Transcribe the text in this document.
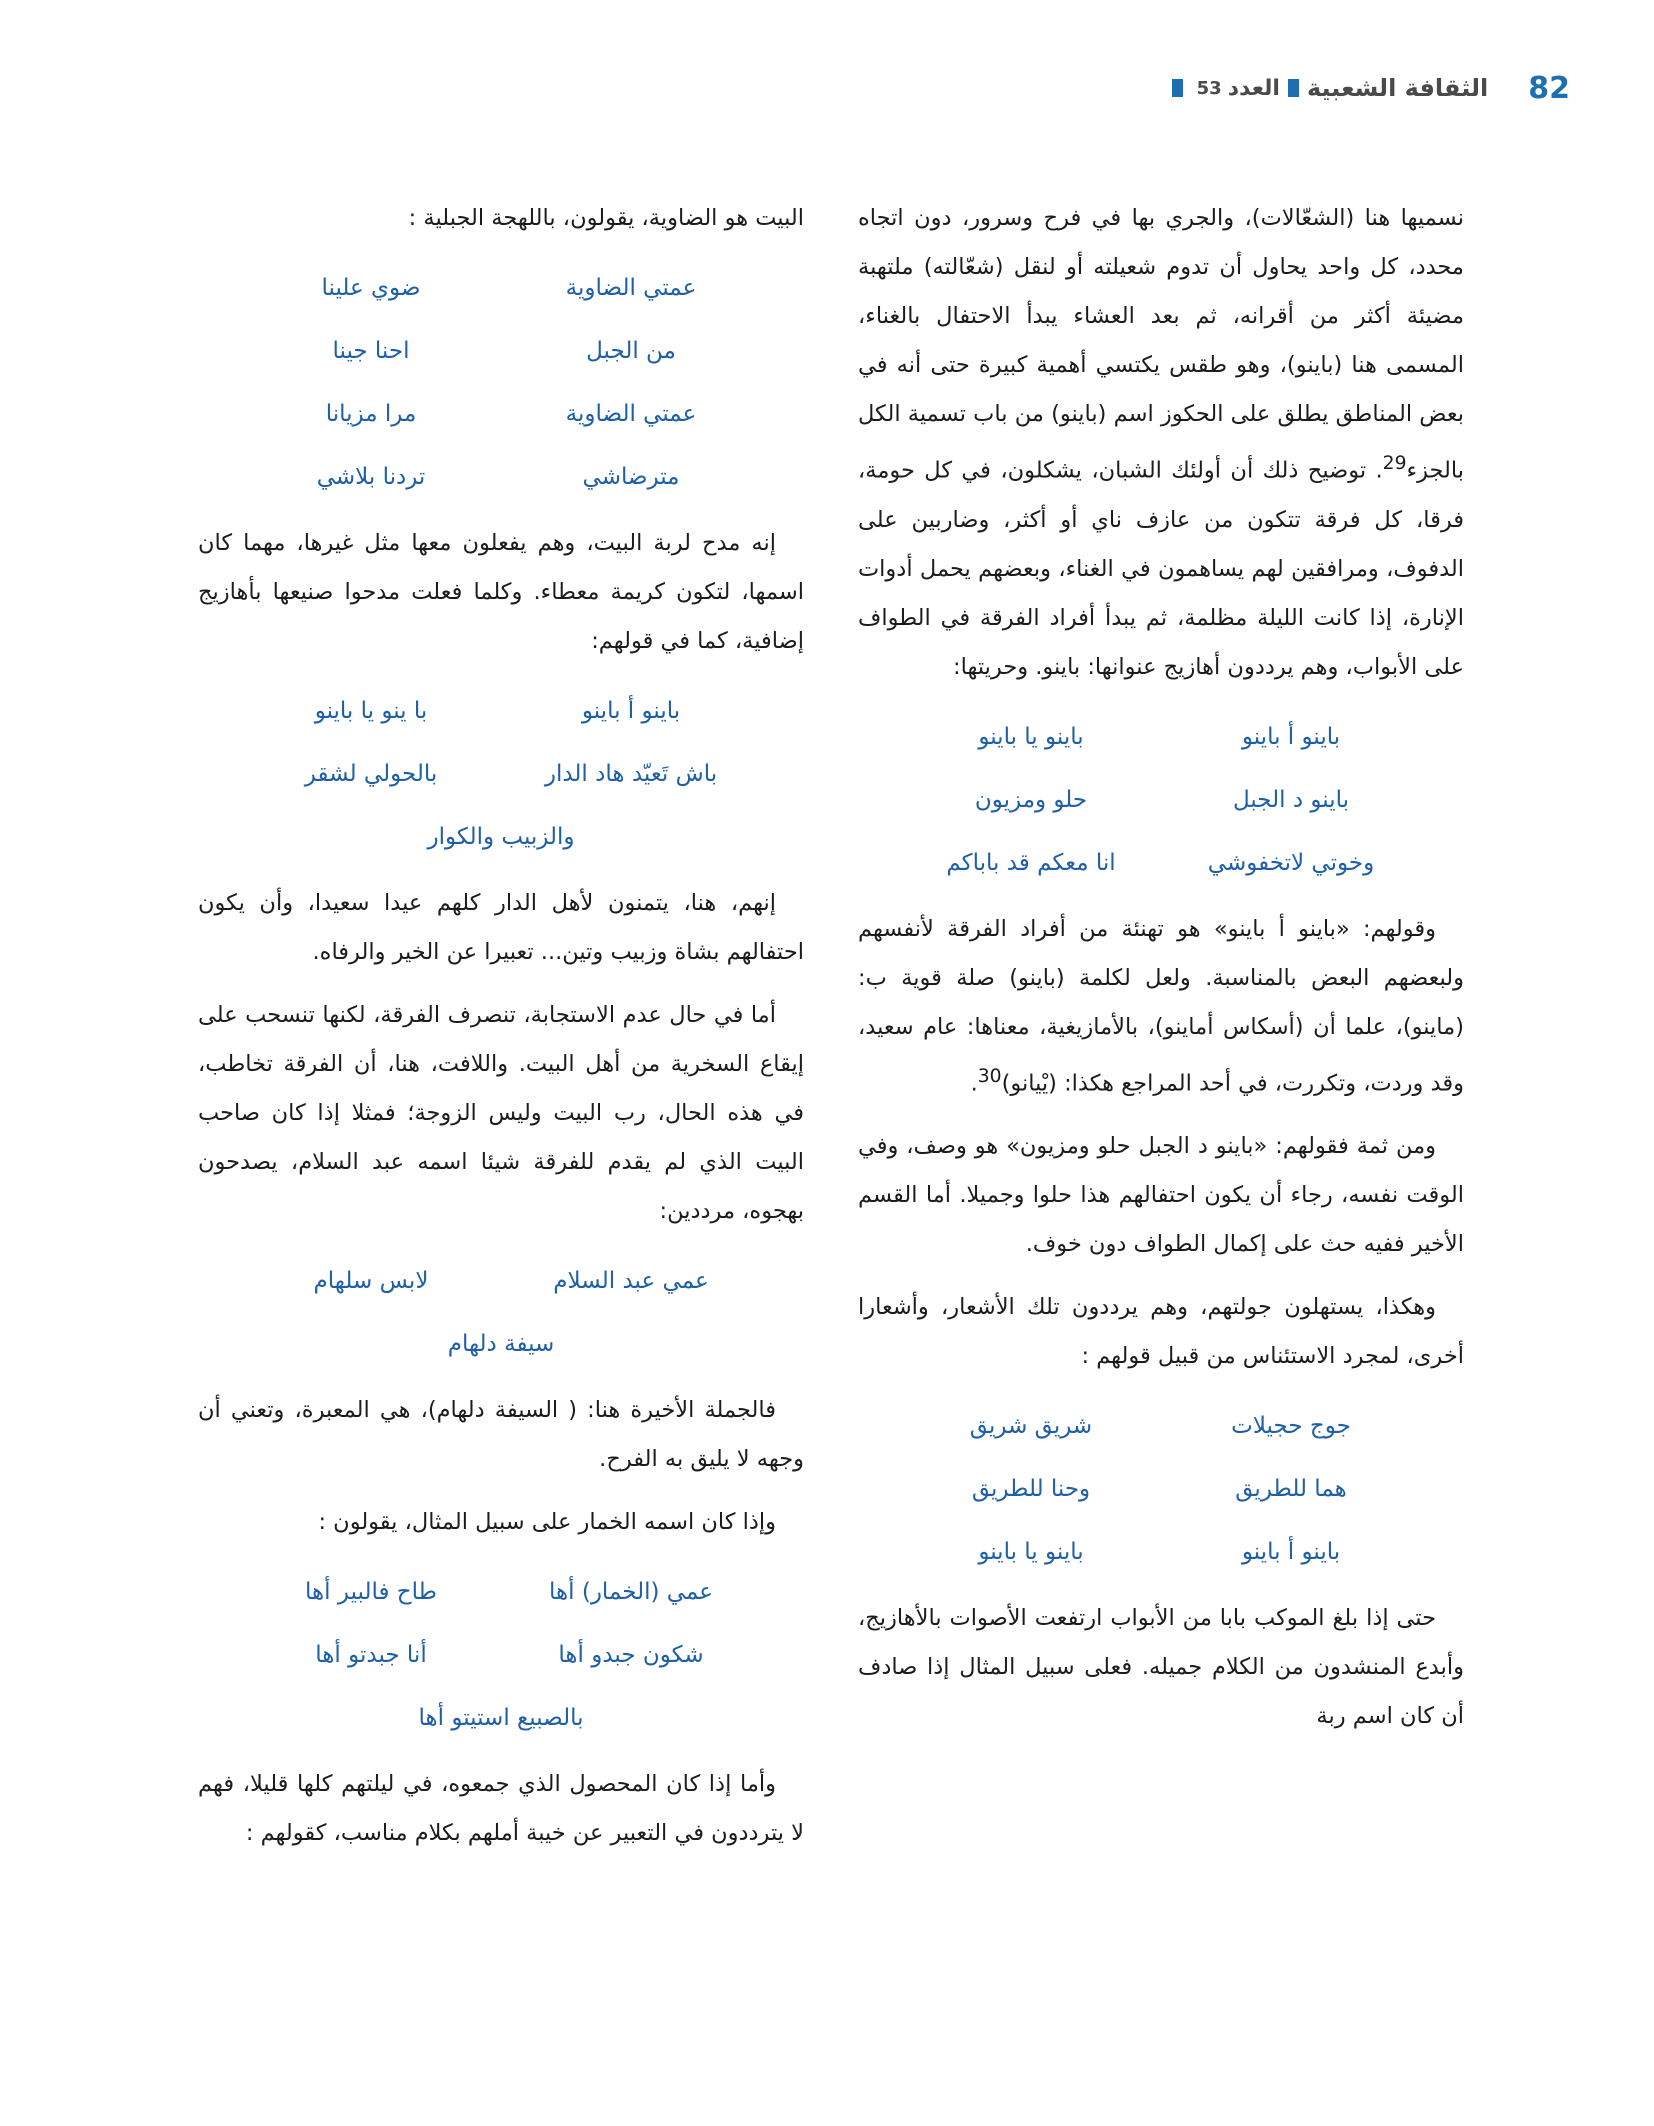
82
الثقافة الشعبية
العدد
53

نسميها هنا (الشعّالات)، والجري بها في فرح وسرور، دون اتجاه محدد، كل واحد يحاول أن تدوم شعيلته أو لنقل (شعّالته) ملتهبة مضيئة أكثر من أقرانه، ثم بعد العشاء يبدأ الاحتفال بالغناء، المسمى هنا (باينو)، وهو طقس يكتسي أهمية كبيرة حتى أنه في بعض المناطق يطلق على الحكوز اسم (باينو) من باب تسمية الكل بالجزء$^{29}$. توضيح ذلك أن أولئك الشبان، يشكلون، في كل حومة، فرقا، كل فرقة تتكون من عازف ناي أو أكثر، وضاربين على الدفوف، ومرافقين لهم يساهمون في الغناء، وبعضهم يحمل أدوات الإنارة، إذا كانت الليلة مظلمة، ثم يبدأ أفراد الفرقة في الطواف على الأبواب، وهم يرددون أهازيج عنوانها: باينو. وحريتها:

باينو أ باينو
باينو يا باينو
باينو د الجبل
حلو ومزيون
وخوتي لاتخفوشي
انا معكم قد باباكم

وقولهم: «باينو أ باينو» هو تهنئة من أفراد الفرقة لأنفسهم ولبعضهم البعض بالمناسبة. ولعل لكلمة (باينو) صلة قوية ب: (ماينو)، علما أن (أسكاس أماينو)، بالأمازيغية، معناها: عام سعيد، وقد وردت، وتكررت، في أحد المراجع هكذا: (يْيانو)$^{30}$.

ومن ثمة فقولهم: «باينو د الجبل حلو ومزيون» هو وصف، وفي الوقت نفسه، رجاء أن يكون احتفالهم هذا حلوا وجميلا. أما القسم الأخير ففيه حث على إكمال الطواف دون خوف.

وهكذا، يستهلون جولتهم، وهم يرددون تلك الأشعار، وأشعارا أخرى، لمجرد الاستئناس من قبيل قولهم :

جوج حجيلات
شريق شريق
هما للطريق
وحنا للطريق
باينو أ باينو
باينو يا باينو

حتى إذا بلغ الموكب بابا من الأبواب ارتفعت الأصوات بالأهازيج، وأبدع المنشدون من الكلام جميله. فعلى سبيل المثال إذا صادف أن كان اسم ربة

البيت هو الضاوية، يقولون، باللهجة الجبلية :

عمتي الضاوية
ضوي علينا
من الجبل
احنا جينا
عمتي الضاوية
مرا مزيانا
مترضاشي
تردنا بلاشي

إنه مدح لربة البيت، وهم يفعلون معها مثل غيرها، مهما كان اسمها، لتكون كريمة معطاء. وكلما فعلت مدحوا صنيعها بأهازيج إضافية، كما في قولهم:

باينو أ باينو
با ينو يا باينو
باش تَعيّد هاد الدار
بالحولي لشقر
والزبيب والكوار

إنهم، هنا، يتمنون لأهل الدار كلهم عيدا سعيدا، وأن يكون احتفالهم بشاة وزبيب وتين... تعبيرا عن الخير والرفاه.

أما في حال عدم الاستجابة، تنصرف الفرقة، لكنها تنسحب على إيقاع السخرية من أهل البيت. واللافت، هنا، أن الفرقة تخاطب، في هذه الحال، رب البيت وليس الزوجة؛ فمثلا إذا كان صاحب البيت الذي لم يقدم للفرقة شيئا اسمه عبد السلام، يصدحون بهجوه، مرددين:

عمي عبد السلام
لابس سلهام
سيفة دلهام

فالجملة الأخيرة هنا: ( السيفة دلهام)، هي المعبرة، وتعني أن وجهه لا يليق به الفرح.

وإذا كان اسمه الخمار على سبيل المثال، يقولون :

عمي (الخمار) أها
طاح فالبير أها
شكون جبدو أها
أنا جبدتو أها
بالصبيع استيتو أها

وأما إذا كان المحصول الذي جمعوه، في ليلتهم كلها قليلا، فهم لا يترددون في التعبير عن خيبة أملهم بكلام مناسب، كقولهم :
